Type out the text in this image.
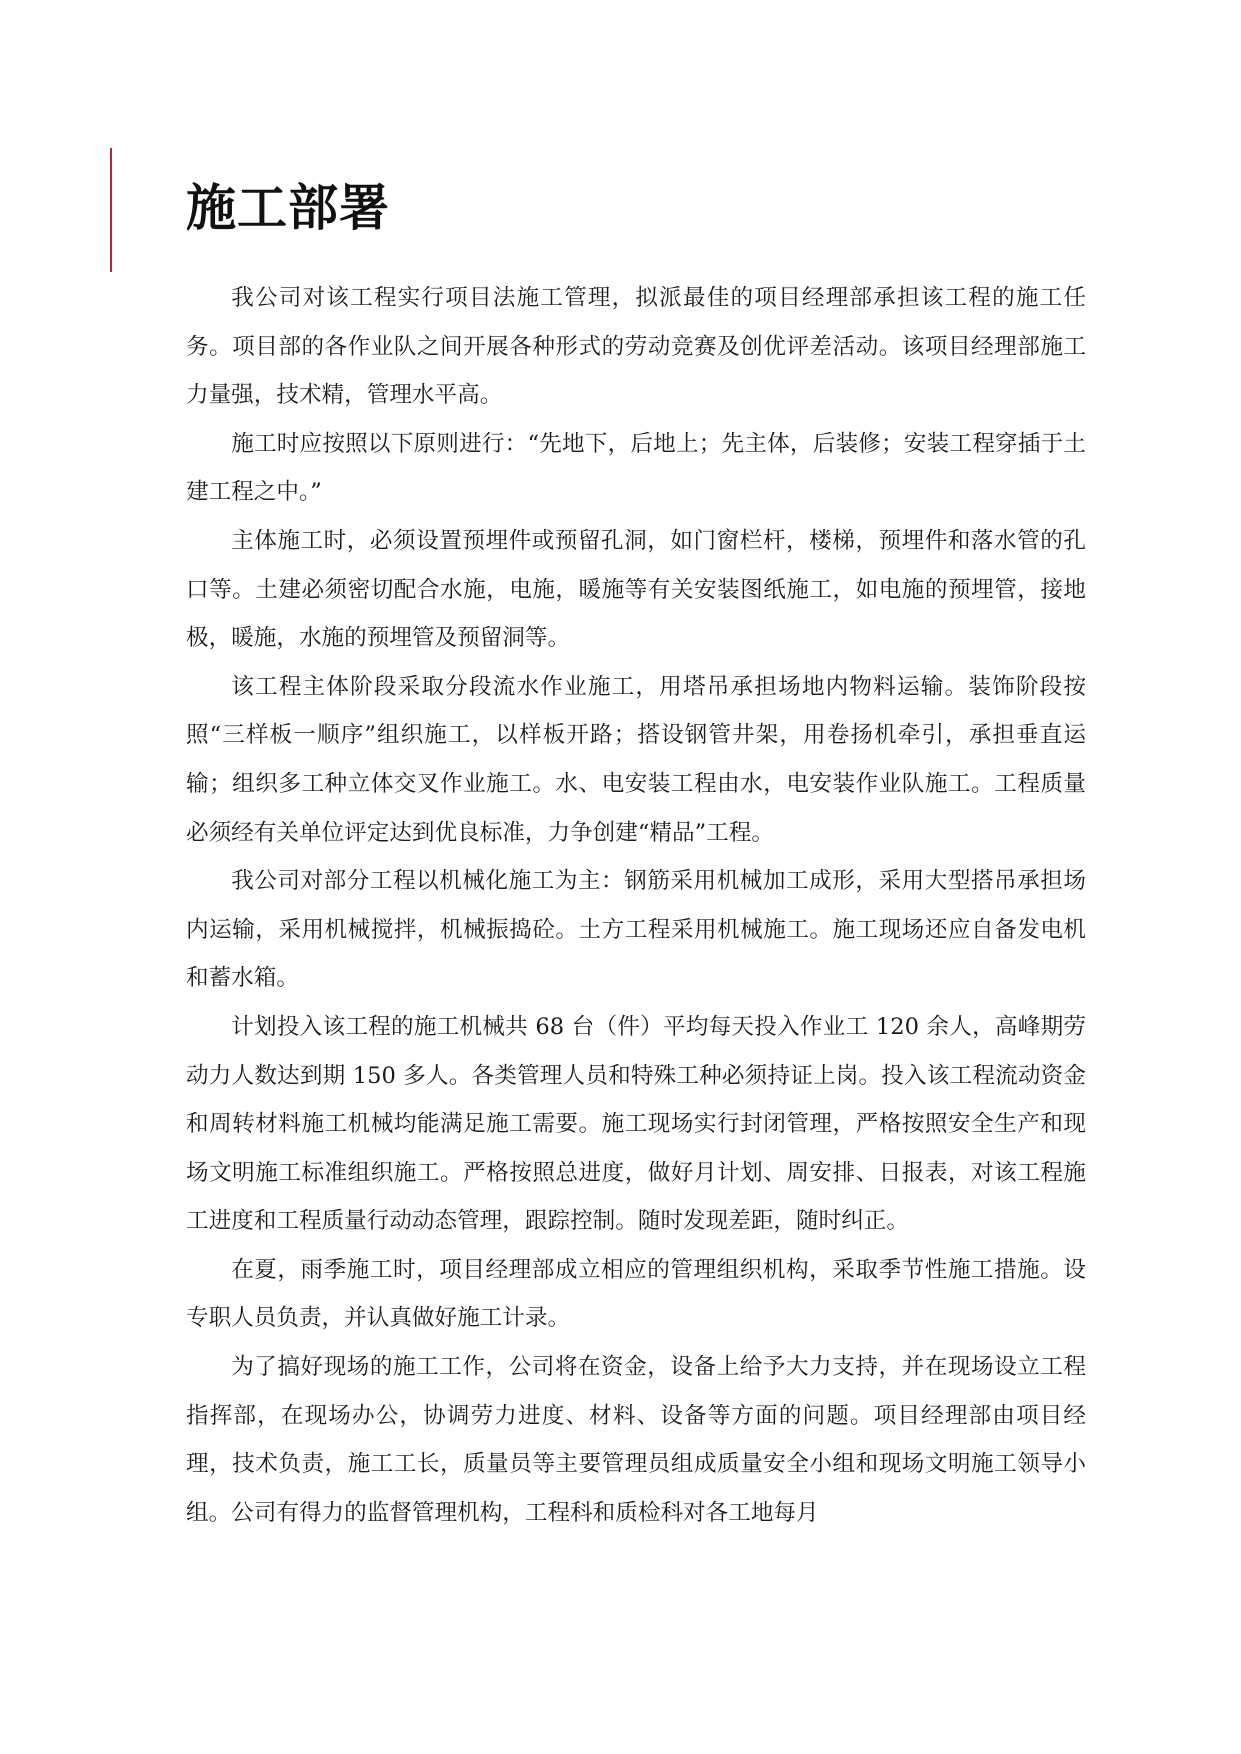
施工部署

我公司对该工程实行项目法施工管理，拟派最佳的项目经理部承担该工程的施工任务。项目部的各作业队之间开展各种形式的劳动竞赛及创优评差活动。该项目经理部施工力量强，技术精，管理水平高。

施工时应按照以下原则进行：“先地下，后地上；先主体，后装修；安装工程穿插于土建工程之中。”

主体施工时，必须设置预埋件或预留孔洞，如门窗栏杆，楼梯，预埋件和落水管的孔口等。土建必须密切配合水施，电施，暖施等有关安装图纸施工，如电施的预埋管，接地极，暖施，水施的预埋管及预留洞等。

该工程主体阶段采取分段流水作业施工，用塔吊承担场地内物料运输。装饰阶段按照“三样板一顺序”组织施工，以样板开路；搭设钢管井架，用卷扬机牵引，承担垂直运输；组织多工种立体交叉作业施工。水、电安装工程由水，电安装作业队施工。工程质量必须经有关单位评定达到优良标准，力争创建“精品”工程。

我公司对部分工程以机械化施工为主：钢筋采用机械加工成形，采用大型搭吊承担场内运输，采用机械搅拌，机械振捣砼。土方工程采用机械施工。施工现场还应自备发电机和蓄水箱。

计划投入该工程的施工机械共 68 台（件）平均每天投入作业工 120 余人，高峰期劳动力人数达到期 150 多人。各类管理人员和特殊工种必须持证上岗。投入该工程流动资金和周转材料施工机械均能满足施工需要。施工现场实行封闭管理，严格按照安全生产和现场文明施工标准组织施工。严格按照总进度，做好月计划、周安排、日报表，对该工程施工进度和工程质量行动动态管理，跟踪控制。随时发现差距，随时纠正。

在夏，雨季施工时，项目经理部成立相应的管理组织机构，采取季节性施工措施。设专职人员负责，并认真做好施工计录。

为了搞好现场的施工工作，公司将在资金，设备上给予大力支持，并在现场设立工程指挥部，在现场办公，协调劳力进度、材料、设备等方面的问题。项目经理部由项目经理，技术负责，施工工长，质量员等主要管理员组成质量安全小组和现场文明施工领导小组。公司有得力的监督管理机构，工程科和质检科对各工地每月
